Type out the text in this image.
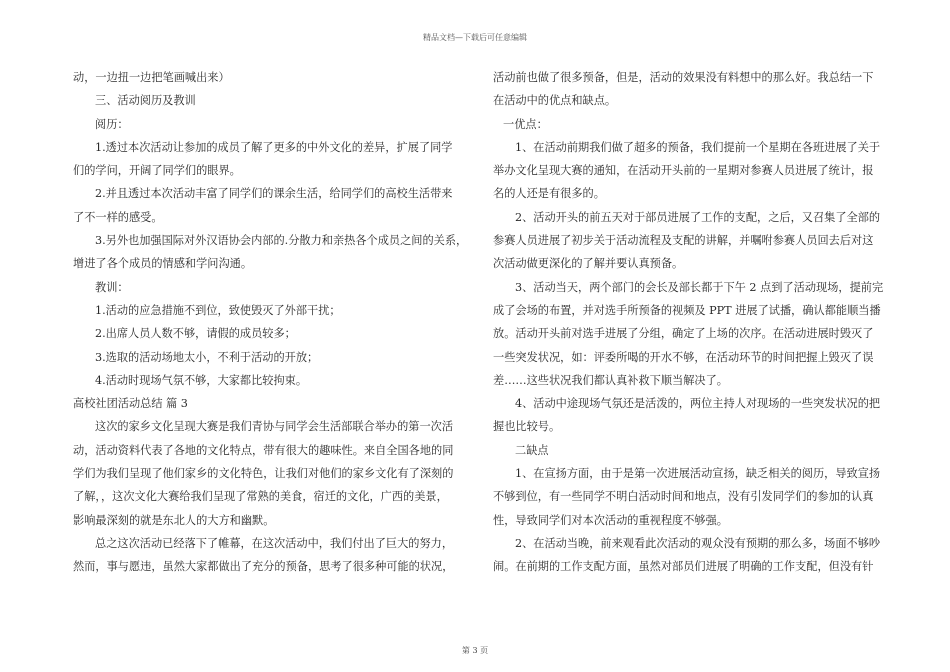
精品文档—下载后可任意编辑

动，一边扭一边把笔画喊出来）

三、活动阅历及教训

阅历：

1.透过本次活动让参加的成员了解了更多的中外文化的差异，扩展了同学

们的学问，开阔了同学们的眼界。

2.并且透过本次活动丰富了同学们的课余生活，给同学们的高校生活带来

了不一样的感受。

3.另外也加强国际对外汉语协会内部的.分散力和亲热各个成员之间的关系，

增进了各个成员的情感和学问沟通。

教训：

1.活动的应急措施不到位，致使毁灭了外部干扰；

2.出席人员人数不够，请假的成员较多；

3.选取的活动场地太小，不利于活动的开放；

4.活动时现场气氛不够，大家都比较拘束。

高校社团活动总结 篇 3

这次的家乡文化呈现大赛是我们青协与同学会生活部联合举办的第一次活

动，活动资料代表了各地的文化特点，带有很大的趣味性。来自全国各地的同

学们为我们呈现了他们家乡的文化特色，让我们对他们的家乡文化有了深刻的

了解，，这次文化大赛给我们呈现了常熟的美食，宿迁的文化，广西的美景，

影响最深刻的就是东北人的大方和幽默。

总之这次活动已经落下了帷幕，在这次活动中，我们付出了巨大的努力，

然而，事与愿违，虽然大家都做出了充分的预备，思考了很多种可能的状况，

活动前也做了很多预备，但是，活动的效果没有料想中的那么好。我总结一下

在活动中的优点和缺点。

一优点：

1、在活动前期我们做了超多的预备，我们提前一个星期在各班进展了关于

举办文化呈现大赛的通知，在活动开头前的一星期对参赛人员进展了统计，报

名的人还是有很多的。

2、活动开头的前五天对于部员进展了工作的支配，之后，又召集了全部的

参赛人员进展了初步关于活动流程及支配的讲解，并嘱咐参赛人员回去后对这

次活动做更深化的了解并要认真预备。

3、活动当天，两个部门的会长及部长都于下午 2 点到了活动现场，提前完

成了会场的布置，并对选手所预备的视频及 PPT 进展了试播，确认都能顺当播

放。活动开头前对选手进展了分组，确定了上场的次序。在活动进展时毁灭了

一些突发状况，如：评委所喝的开水不够，在活动环节的时间把握上毁灭了误

差……这些状况我们都认真补救下顺当解决了。

4、活动中途现场气氛还是活泼的，两位主持人对现场的一些突发状况的把

握也比较号。

二缺点

1、在宣扬方面，由于是第一次进展活动宣扬，缺乏相关的阅历，导致宣扬

不够到位，有一些同学不明白活动时间和地点，没有引发同学们的参加的认真

性，导致同学们对本次活动的重视程度不够强。

2、在活动当晚，前来观看此次活动的观众没有预期的那么多，场面不够吵

闹。在前期的工作支配方面，虽然对部员们进展了明确的工作支配，但没有针

第 3 页
